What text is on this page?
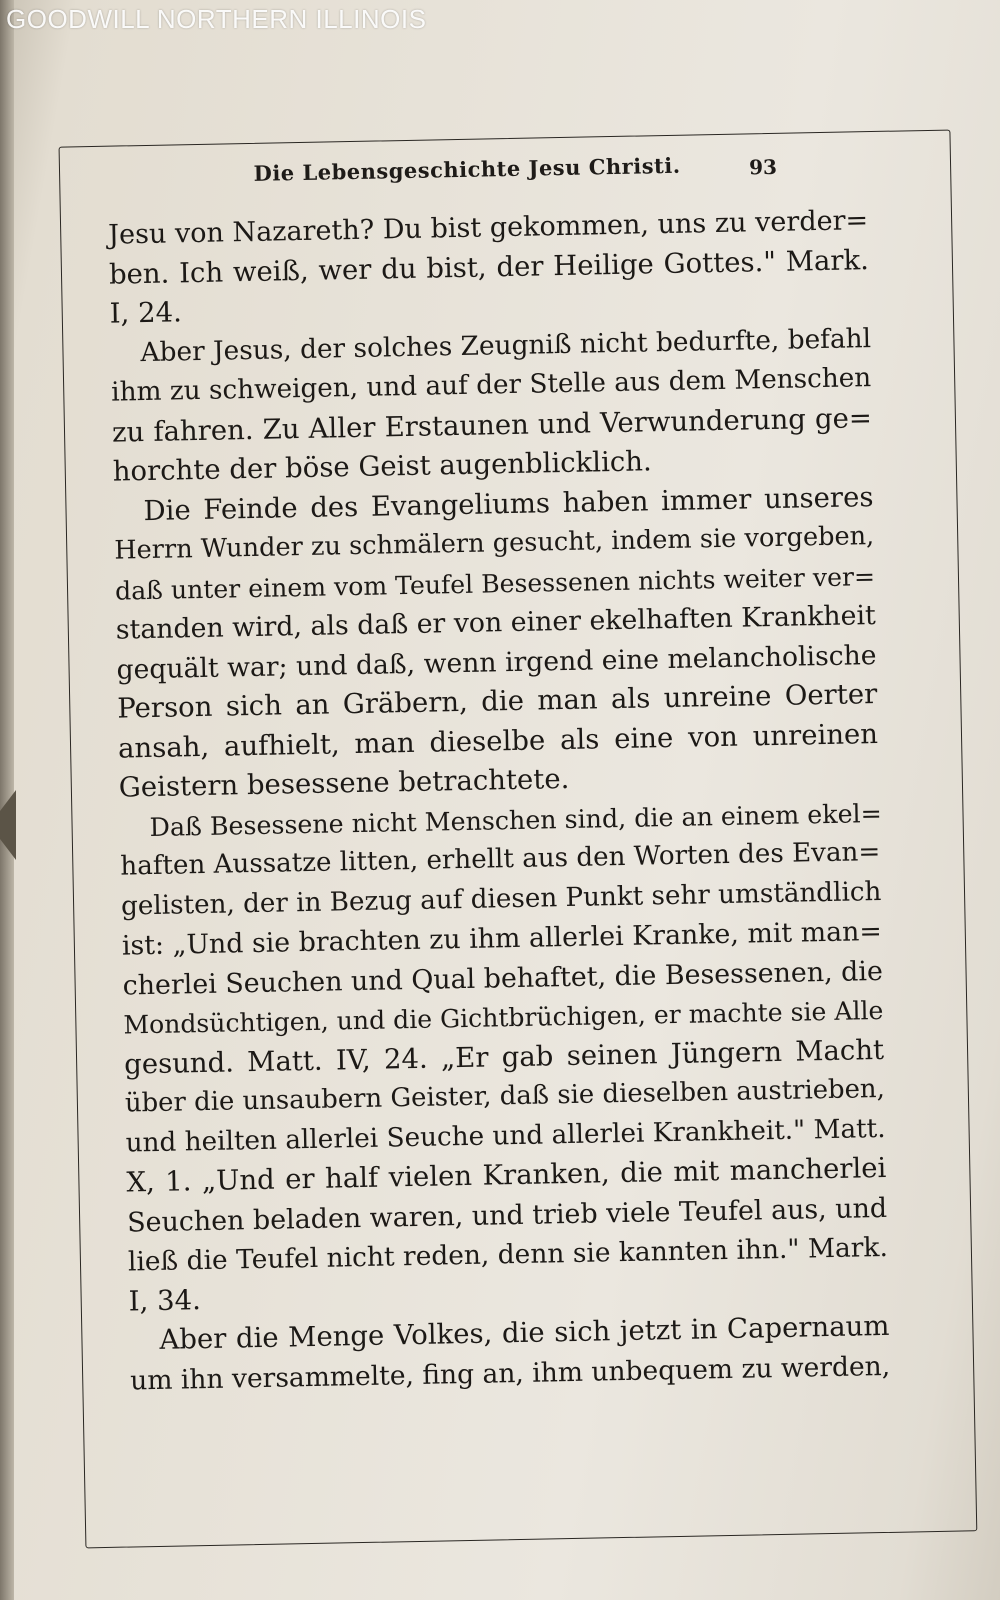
Die Lebensgeschichte Jesu Christi.	93
Jesu von Nazareth? Du bist gekommen, uns zu verder=
ben. Ich weiß, wer du bist, der Heilige Gottes." Mark.
I, 24.
Aber Jesus, der solches Zeugniß nicht bedurfte, befahl
ihm zu schweigen, und auf der Stelle aus dem Menschen
zu fahren. Zu Aller Erstaunen und Verwunderung ge=
horchte der böse Geist augenblicklich.
Die Feinde des Evangeliums haben immer unseres
Herrn Wunder zu schmälern gesucht, indem sie vorgeben,
daß unter einem vom Teufel Besessenen nichts weiter ver=
standen wird, als daß er von einer ekelhaften Krankheit
gequält war; und daß, wenn irgend eine melancholische
Person sich an Gräbern, die man als unreine Oerter
ansah, aufhielt, man dieselbe als eine von unreinen
Geistern besessene betrachtete.
Daß Besessene nicht Menschen sind, die an einem ekel=
haften Aussatze litten, erhellt aus den Worten des Evan=
gelisten, der in Bezug auf diesen Punkt sehr umständlich
ist: „Und sie brachten zu ihm allerlei Kranke, mit man=
cherlei Seuchen und Qual behaftet, die Besessenen, die
Mondsüchtigen, und die Gichtbrüchigen, er machte sie Alle
gesund. Matt. IV, 24. „Er gab seinen Jüngern Macht
über die unsaubern Geister, daß sie dieselben austrieben,
und heilten allerlei Seuche und allerlei Krankheit." Matt.
X, 1. „Und er half vielen Kranken, die mit mancherlei
Seuchen beladen waren, und trieb viele Teufel aus, und
ließ die Teufel nicht reden, denn sie kannten ihn." Mark.
I, 34.
Aber die Menge Volkes, die sich jetzt in Capernaum
um ihn versammelte, fing an, ihm unbequem zu werden,
GOODWILL NORTHERN ILLINOIS
